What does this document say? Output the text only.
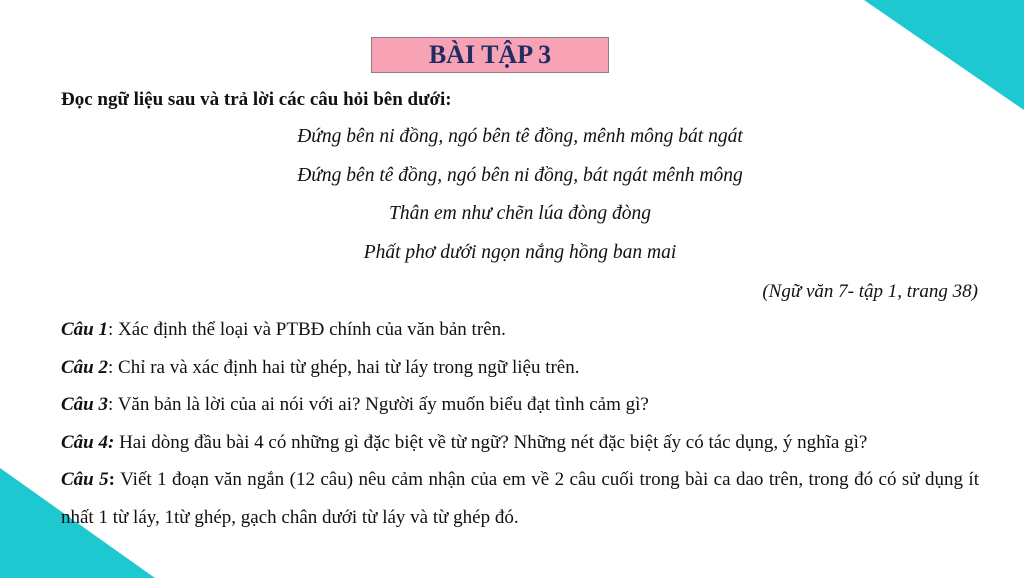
BÀI TẬP 3
Đọc ngữ liệu sau và trả lời các câu hỏi bên dưới:
Đứng bên ni đồng, ngó bên tê đồng, mênh mông bát ngát
Đứng bên tê đồng, ngó bên ni đồng, bát ngát mênh mông
Thân em như chẽn lúa đòng đòng
Phất phơ dưới ngọn nắng hồng ban mai
(Ngữ văn 7- tập 1, trang 38)
Câu 1: Xác định thể loại và PTBĐ chính của văn bản trên.
Câu 2: Chỉ ra và xác định hai từ ghép, hai từ láy trong ngữ liệu trên.
Câu 3: Văn bản là lời của ai nói với ai? Người ấy muốn biểu đạt tình cảm gì?
Câu 4: Hai dòng đầu bài 4 có những gì đặc biệt về từ ngữ? Những nét đặc biệt ấy có tác dụng, ý nghĩa gì?
Câu 5: Viết 1 đoạn văn ngắn (12 câu) nêu cảm nhận của em về 2 câu cuối trong bài ca dao trên, trong đó có sử dụng ít nhất 1 từ láy, 1từ ghép, gạch chân dưới từ láy và từ ghép đó.
